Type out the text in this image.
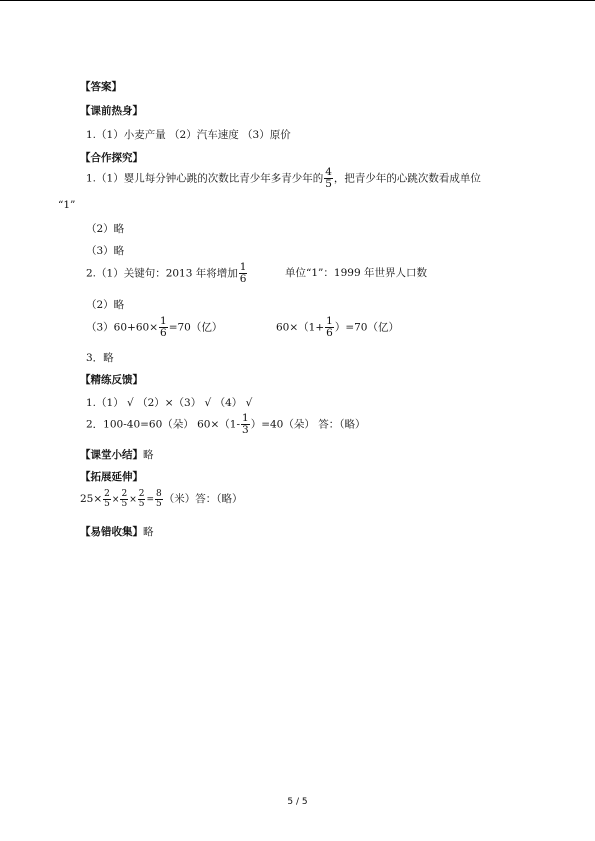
【答案】
【课前热身】
1.（1）小麦产量 （2）汽车速度 （3）原价
【合作探究】
1.（1）婴儿每分钟心跳的次数比青少年多青少年的 $\frac{4}{5}$ ，把青少年的心跳次数看成单位
“1”
（2）略
（3）略
2.（1）关键句：2013 年将增加 $\frac{1}{6}$	单位“1”：1999 年世界人口数
（2）略
$(3)60+60\times \frac{1}{6} =70$（亿）	$60\times(1+ \frac{1}{6} )=70$（亿）
3．略
【精练反馈】
1.（1） √ （2）×（3） √ （4） √
2．100-40=60（朵） $60\times(1- \frac{1}{3} )=40$（朵） 答：（略）
【课堂小结】略
【拓展延伸】
$25\times \frac{2}{5} \times \frac{2}{5} \times \frac{2}{5} = \frac{8}{5}$ （米）答：（略）
【易错收集】略
5 / 5
